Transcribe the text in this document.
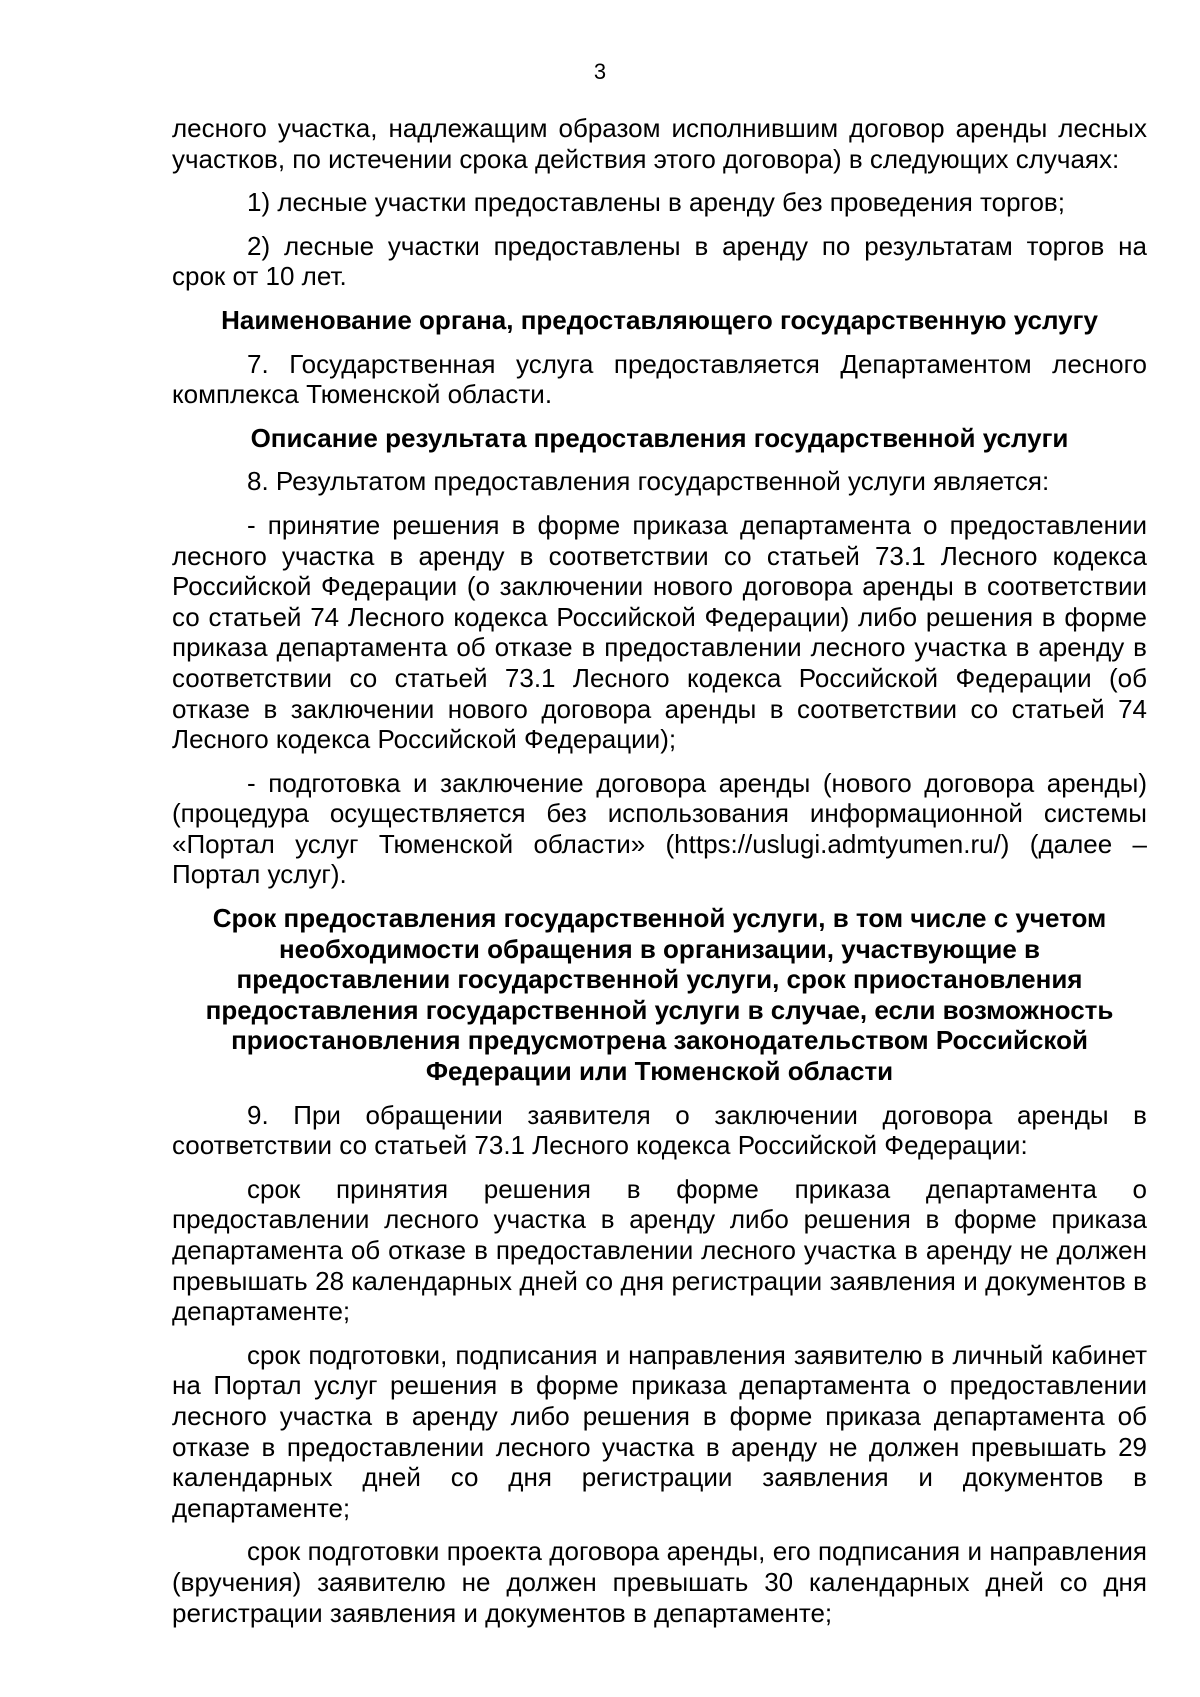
3

лесного участка, надлежащим образом исполнившим договор аренды лесных участков, по истечении срока действия этого договора) в следующих случаях:

1) лесные участки предоставлены в аренду без проведения торгов;

2) лесные участки предоставлены в аренду по результатам торгов на срок от 10 лет.

Наименование органа, предоставляющего государственную услугу

7. Государственная услуга предоставляется Департаментом лесного комплекса Тюменской области.

Описание результата предоставления государственной услуги

8. Результатом предоставления государственной услуги является:

- принятие решения в форме приказа департамента о предоставлении лесного участка в аренду в соответствии со статьей 73.1 Лесного кодекса Российской Федерации (о заключении нового договора аренды в соответствии со статьей 74 Лесного кодекса Российской Федерации) либо решения в форме приказа департамента об отказе в предоставлении лесного участка в аренду в соответствии со статьей 73.1 Лесного кодекса Российской Федерации (об отказе в заключении нового договора аренды в соответствии со статьей 74 Лесного кодекса Российской Федерации);

- подготовка и заключение договора аренды (нового договора аренды) (процедура осуществляется без использования информационной системы «Портал услуг Тюменской области» (https://uslugi.admtyumen.ru/) (далее – Портал услуг).

Срок предоставления государственной услуги, в том числе с учетом необходимости обращения в организации, участвующие в предоставлении государственной услуги, срок приостановления предоставления государственной услуги в случае, если возможность приостановления предусмотрена законодательством Российской Федерации или Тюменской области

9. При обращении заявителя о заключении договора аренды в соответствии со статьей 73.1 Лесного кодекса Российской Федерации:

срок принятия решения в форме приказа департамента о предоставлении лесного участка в аренду либо решения в форме приказа департамента об отказе в предоставлении лесного участка в аренду не должен превышать 28 календарных дней со дня регистрации заявления и документов в департаменте;

срок подготовки, подписания и направления заявителю в личный кабинет на Портал услуг решения в форме приказа департамента о предоставлении лесного участка в аренду либо решения в форме приказа департамента об отказе в предоставлении лесного участка в аренду не должен превышать 29 календарных дней со дня регистрации заявления и документов в департаменте;

срок подготовки проекта договора аренды, его подписания и направления (вручения) заявителю не должен превышать 30 календарных дней со дня регистрации заявления и документов в департаменте;
